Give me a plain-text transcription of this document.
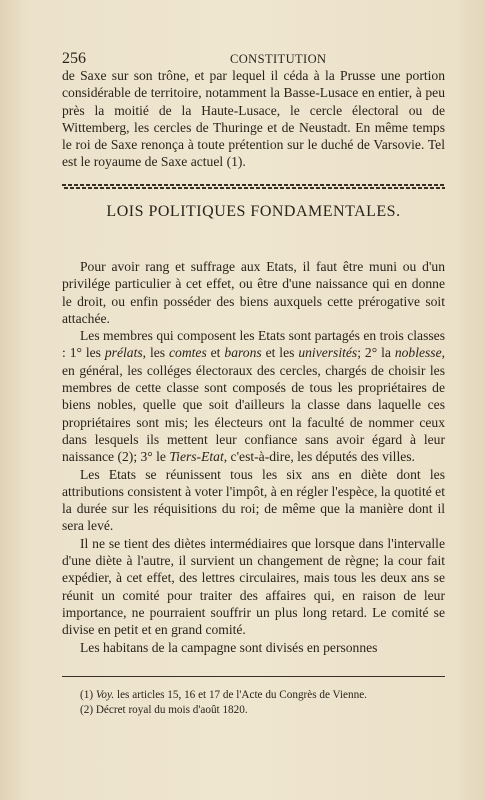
256	CONSTITUTION

de Saxe sur son trône, et par lequel il céda à la Prusse une portion considérable de territoire, notamment la Basse-Lusace en entier, à peu près la moitié de la Haute-Lusace, le cercle électoral ou de Wittemberg, les cercles de Thuringe et de Neustadt. En même temps le roi de Saxe renonça à toute prétention sur le duché de Varsovie. Tel est le royaume de Saxe actuel (1).

LOIS POLITIQUES FONDAMENTALES.

Pour avoir rang et suffrage aux Etats, il faut être muni ou d'un privilége particulier à cet effet, ou être d'une naissance qui en donne le droit, ou enfin posséder des biens auxquels cette prérogative soit attachée.

Les membres qui composent les Etats sont partagés en trois classes : 1° les prélats, les comtes et barons et les universités; 2° la noblesse, en général, les colléges électoraux des cercles, chargés de choisir les membres de cette classe sont composés de tous les propriétaires de biens nobles, quelle que soit d'ailleurs la classe dans laquelle ces propriétaires sont mis; les électeurs ont la faculté de nommer ceux dans lesquels ils mettent leur confiance sans avoir égard à leur naissance (2); 3° le Tiers-Etat, c'est-à-dire, les députés des villes.

Les Etats se réunissent tous les six ans en diète dont les attributions consistent à voter l'impôt, à en régler l'espèce, la quotité et la durée sur les réquisitions du roi; de même que la manière dont il sera levé.

Il ne se tient des diètes intermédiaires que lorsque dans l'intervalle d'une diète à l'autre, il survient un changement de règne; la cour fait expédier, à cet effet, des lettres circulaires, mais tous les deux ans se réunit un comité pour traiter des affaires qui, en raison de leur importance, ne pourraient souffrir un plus long retard. Le comité se divise en petit et en grand comité.

Les habitans de la campagne sont divisés en personnes

(1) Voy. les articles 15, 16 et 17 de l'Acte du Congrès de Vienne.
(2) Décret royal du mois d'août 1820.
